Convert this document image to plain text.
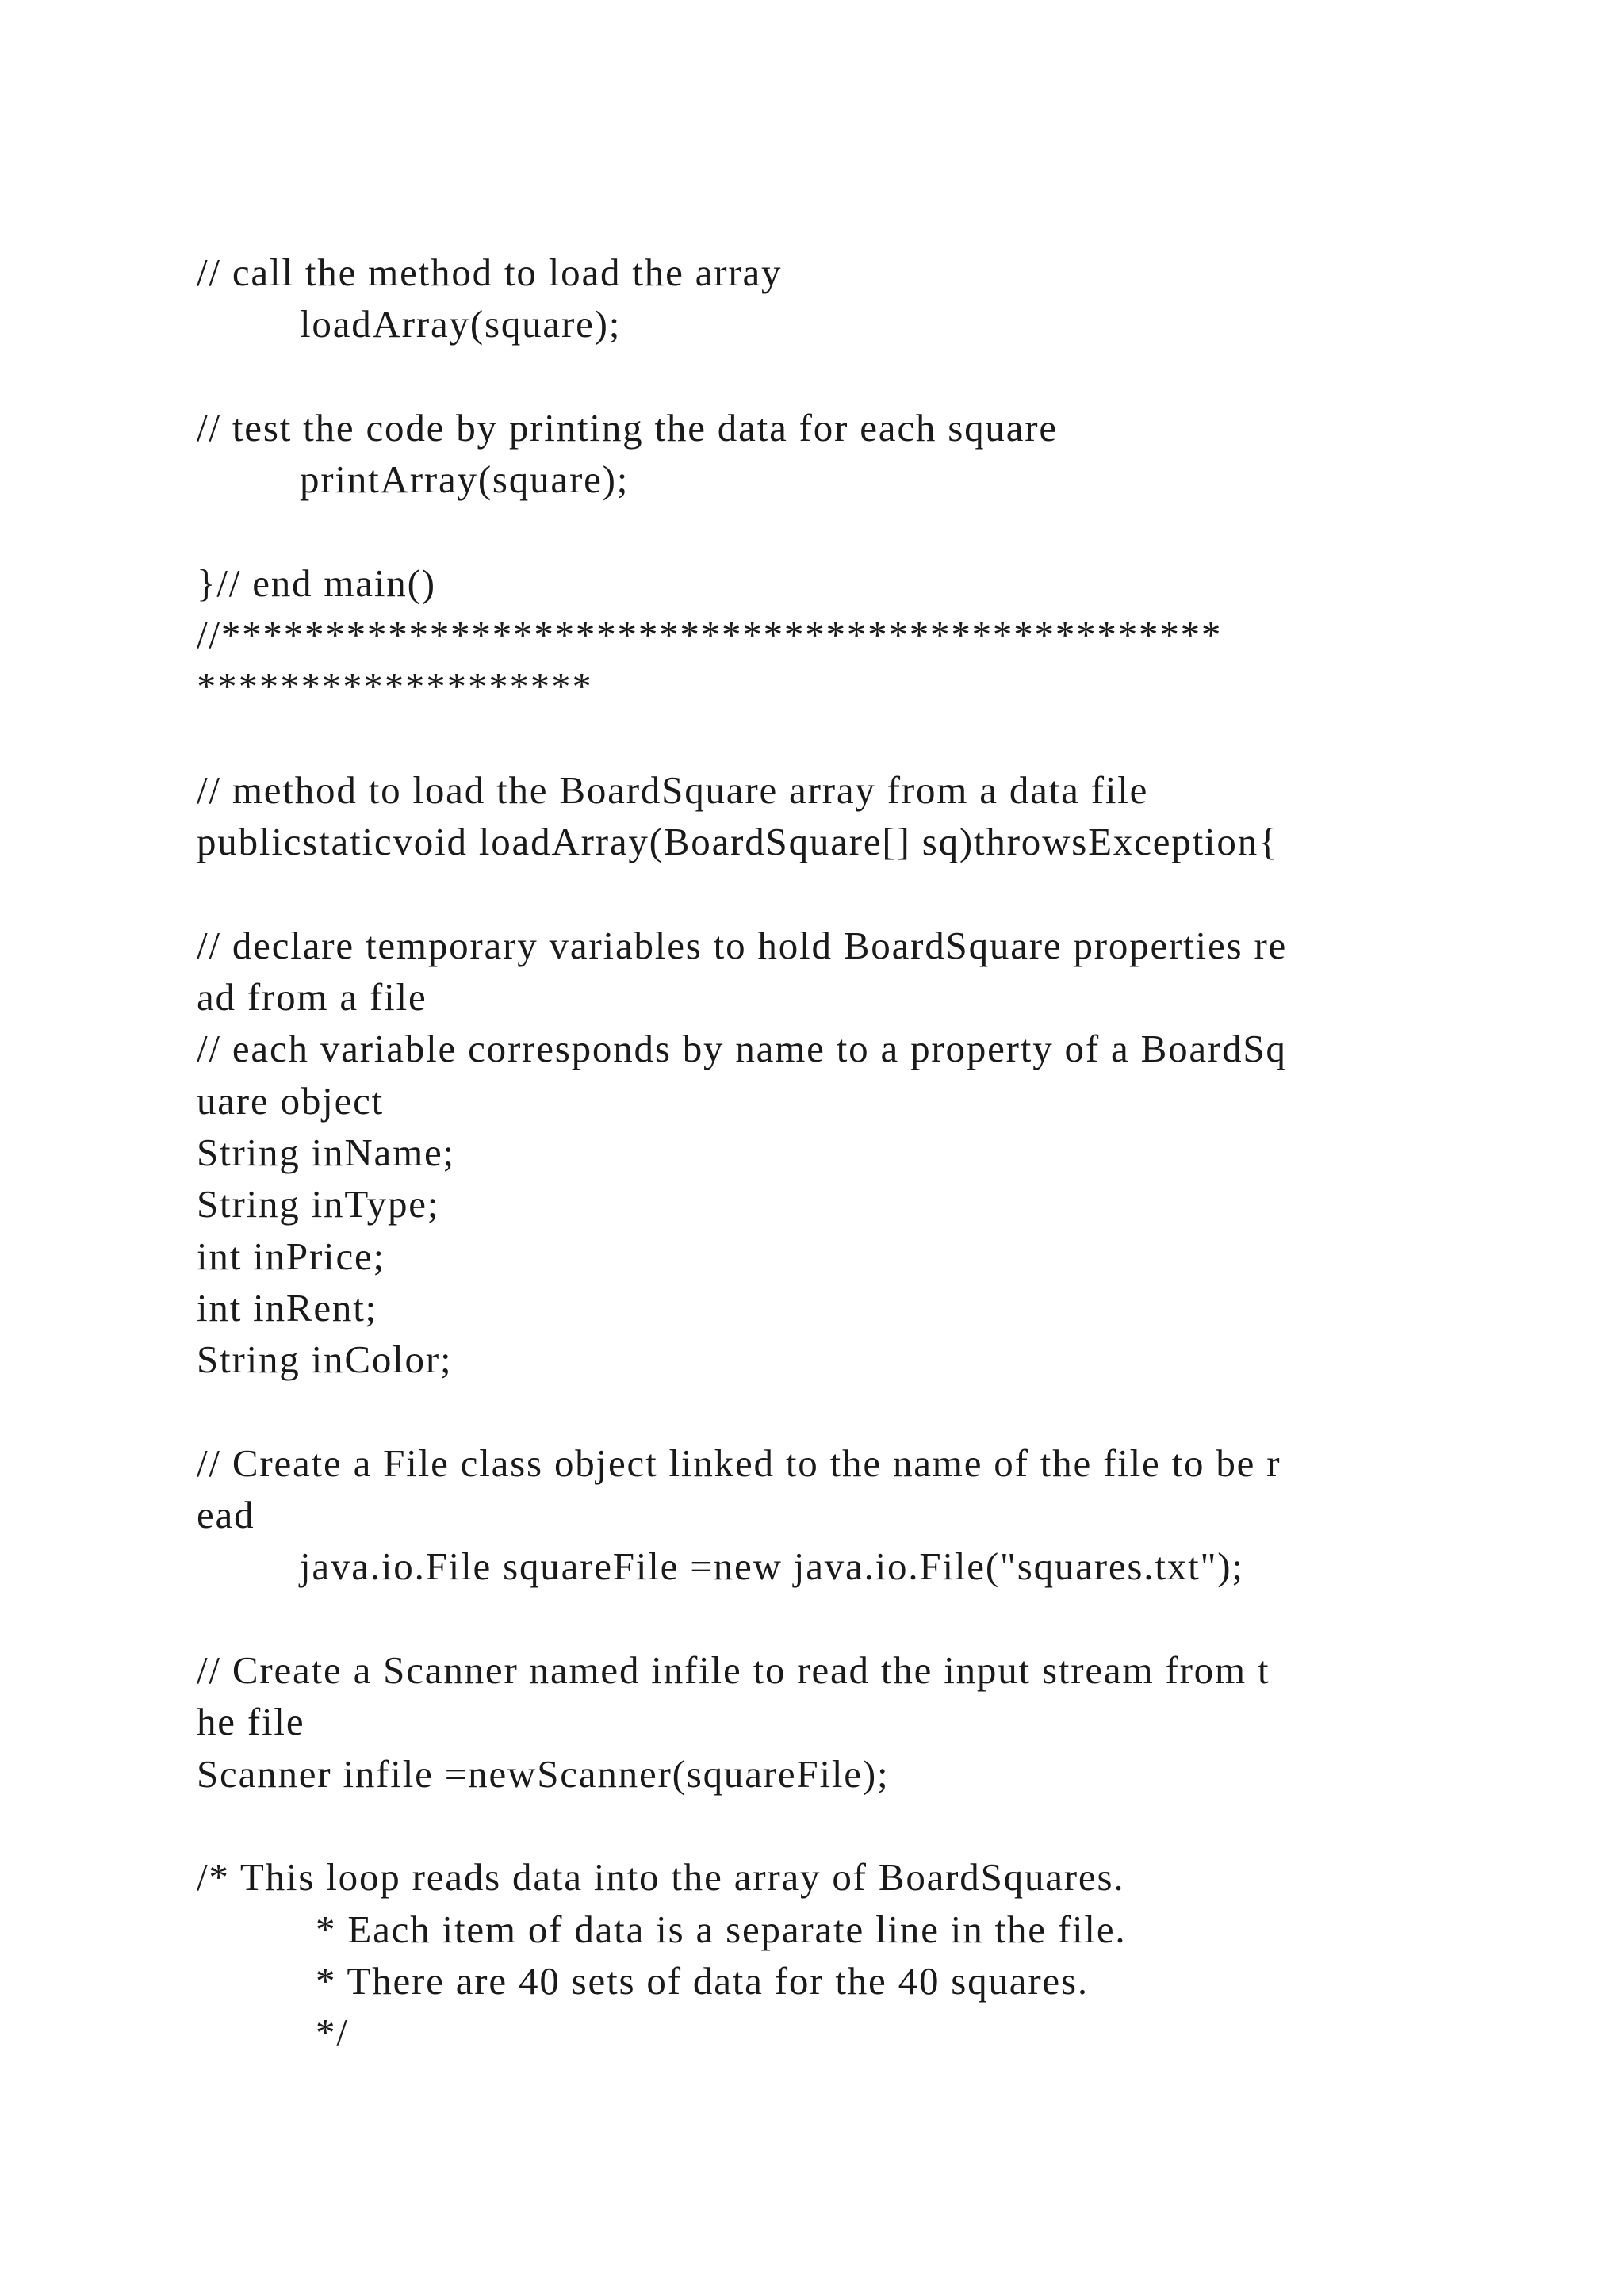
// call the method to load the array
loadArray(square);
// test the code by printing the data for each square
printArray(square);
}// end main()
//************************************************
*******************
// method to load the BoardSquare array from a data file
publicstaticvoid loadArray(BoardSquare[] sq)throwsException{
// declare temporary variables to hold BoardSquare properties re
ad from a file
// each variable corresponds by name to a property of a BoardSq
uare object
String inName;
String inType;
int inPrice;
int inRent;
String inColor;
// Create a File class object linked to the name of the file to be r
ead
java.io.File squareFile =new java.io.File("squares.txt");
// Create a Scanner named infile to read the input stream from t
he file
Scanner infile =newScanner(squareFile);
/* This loop reads data into the array of BoardSquares.
* Each item of data is a separate line in the file.
* There are 40 sets of data for the 40 squares.
*/
